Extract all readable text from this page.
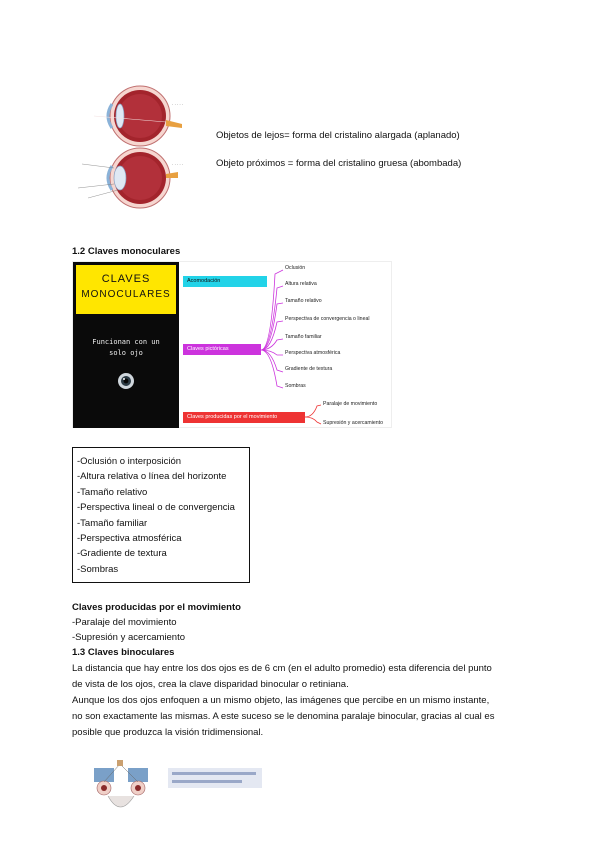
· · · · ·
· · · · ·
Objetos de lejos= forma del cristalino alargada (aplanado)
Objeto próximos = forma del cristalino gruesa (abombada)
1.2 Claves monoculares
CLAVES
MONOCULARES
Funcionan con un
solo ojo
Acomodación
Claves pictóricas
Claves producidas por el movimiento
Oclusión
Altura relativa
Tamaño relativo
Perspectiva de convergencia o lineal
Tamaño familiar
Perspectiva atmosférica
Gradiente de textura
Sombras
Paralaje de movimiento
Supresión y acercamiento
-Oclusión o interposición
-Altura relativa o línea del horizonte
-Tamaño relativo
-Perspectiva lineal o de convergencia
-Tamaño familiar
-Perspectiva atmosférica
-Gradiente de textura
-Sombras
Claves producidas por el movimiento
-Paralaje del movimiento
-Supresión y acercamiento
1.3 Claves binoculares
La distancia que hay entre los dos ojos es de 6 cm (en el adulto promedio) esta diferencia del punto
de vista de los ojos, crea la clave disparidad binocular o retiniana.
Aunque los dos ojos enfoquen a un mismo objeto, las imágenes que percibe en un mismo instante,
no son exactamente las mismas. A este suceso se le denomina paralaje binocular, gracias al cual es
posible que produzca la visión tridimensional.
